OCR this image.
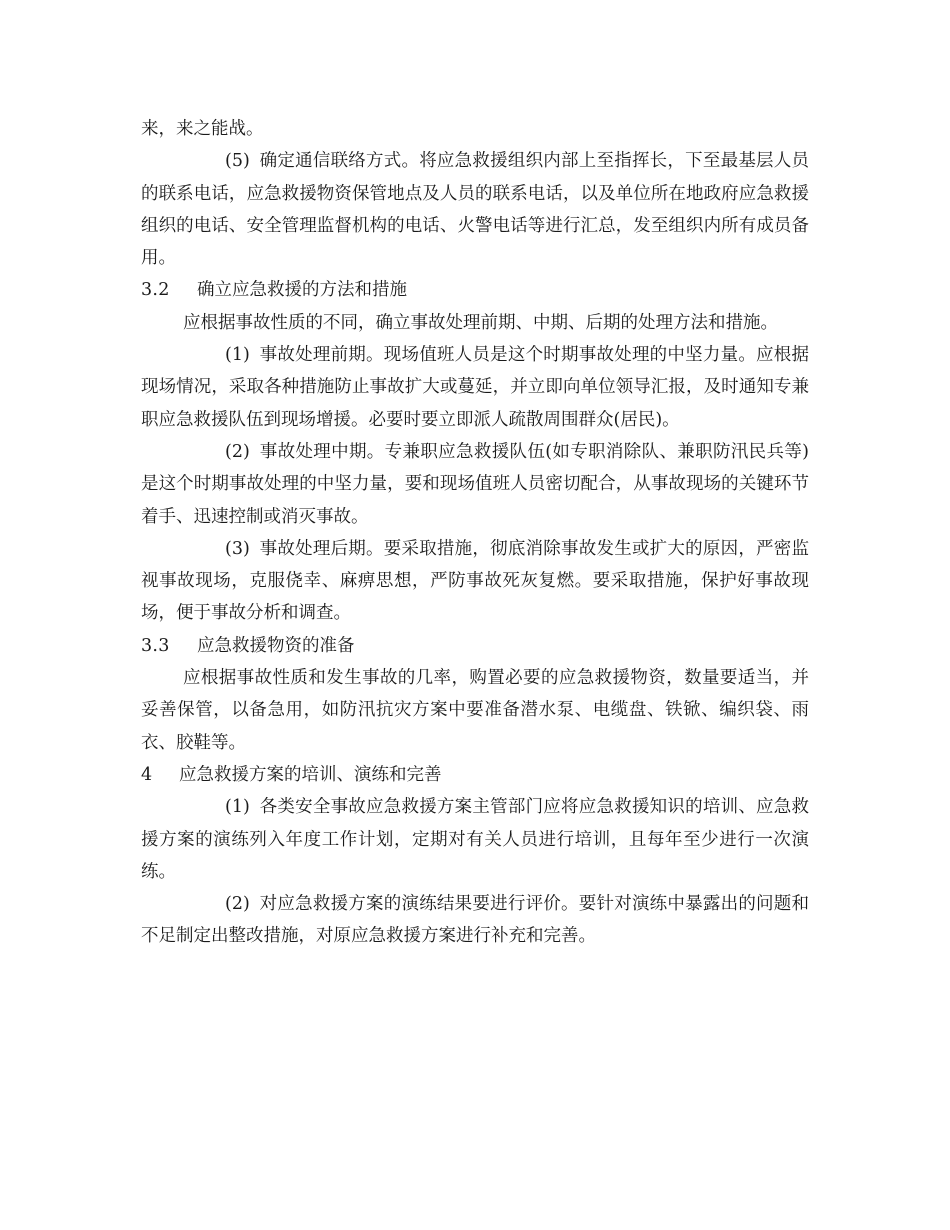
来，来之能战。

(5) 确定通信联络方式。将应急救援组织内部上至指挥长，下至最基层人员的联系电话，应急救援物资保管地点及人员的联系电话，以及单位所在地政府应急救援组织的电话、安全管理监督机构的电话、火警电话等进行汇总，发至组织内所有成员备用。

3.2 确立应急救援的方法和措施

应根据事故性质的不同，确立事故处理前期、中期、后期的处理方法和措施。

(1) 事故处理前期。现场值班人员是这个时期事故处理的中坚力量。应根据现场情况，采取各种措施防止事故扩大或蔓延，并立即向单位领导汇报，及时通知专兼职应急救援队伍到现场增援。必要时要立即派人疏散周围群众(居民)。

(2) 事故处理中期。专兼职应急救援队伍(如专职消除队、兼职防汛民兵等)是这个时期事故处理的中坚力量，要和现场值班人员密切配合，从事故现场的关键环节着手、迅速控制或消灭事故。

(3) 事故处理后期。要采取措施，彻底消除事故发生或扩大的原因，严密监视事故现场，克服侥幸、麻痹思想，严防事故死灰复燃。要采取措施，保护好事故现场，便于事故分析和调查。

3.3 应急救援物资的准备

应根据事故性质和发生事故的几率，购置必要的应急救援物资，数量要适当，并妥善保管，以备急用，如防汛抗灾方案中要准备潜水泵、电缆盘、铁锨、编织袋、雨衣、胶鞋等。

4 应急救援方案的培训、演练和完善

(1) 各类安全事故应急救援方案主管部门应将应急救援知识的培训、应急救援方案的演练列入年度工作计划，定期对有关人员进行培训，且每年至少进行一次演练。

(2) 对应急救援方案的演练结果要进行评价。要针对演练中暴露出的问题和不足制定出整改措施，对原应急救援方案进行补充和完善。
